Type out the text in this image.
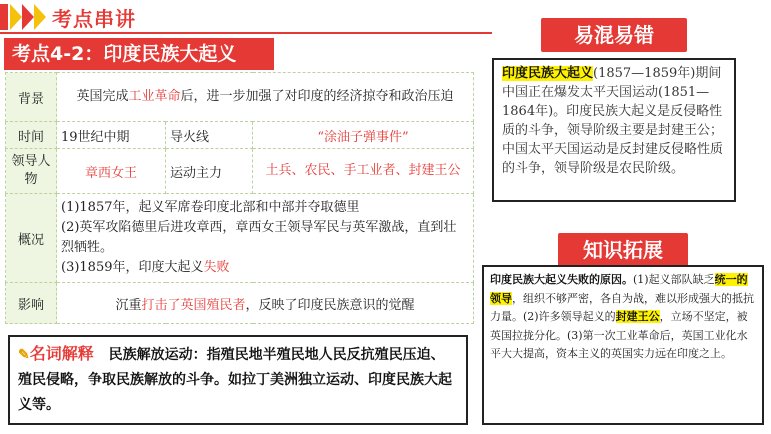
考点串讲
考点4-2：印度民族大起义
背景	英国完成工业革命后，进一步加强了对印度的经济掠夺和政治压迫		
时间	19世纪中期	导火线	“涂油子弹事件”
领导人物	章西女王	运动主力	土兵、农民、手工业者、封建王公
概况	(1)1857年，起义军席卷印度北部和中部并夺取德里
(2)英军攻陷德里后进攻章西，章西女王领导军民与英军激战，直到壮烈牺牲。
(3)1859年，印度大起义失败		

影响	沉重打击了英国殖民者，反映了印度民族意识的觉醒		
✎名词解释 民族解放运动：指殖民地半殖民地人民反抗殖民压迫、殖民侵略，争取民族解放的斗争。如拉丁美洲独立运动、印度民族大起义等。
易混易错
印度民族大起义(1857—1859年)期间中国正在爆发太平天国运动(1851—1864年)。印度民族大起义是反侵略性质的斗争，领导阶级主要是封建王公；中国太平天国运动是反封建反侵略性质的斗争，领导阶级是农民阶级。
知识拓展
印度民族大起义失败的原因。(1)起义部队缺乏统一的领导，组织不够严密，各自为战，难以形成强大的抵抗力量。(2)许多领导起义的封建王公，立场不坚定，被英国拉拢分化。(3)第一次工业革命后，英国工业化水平大大提高，资本主义的英国实力远在印度之上。
